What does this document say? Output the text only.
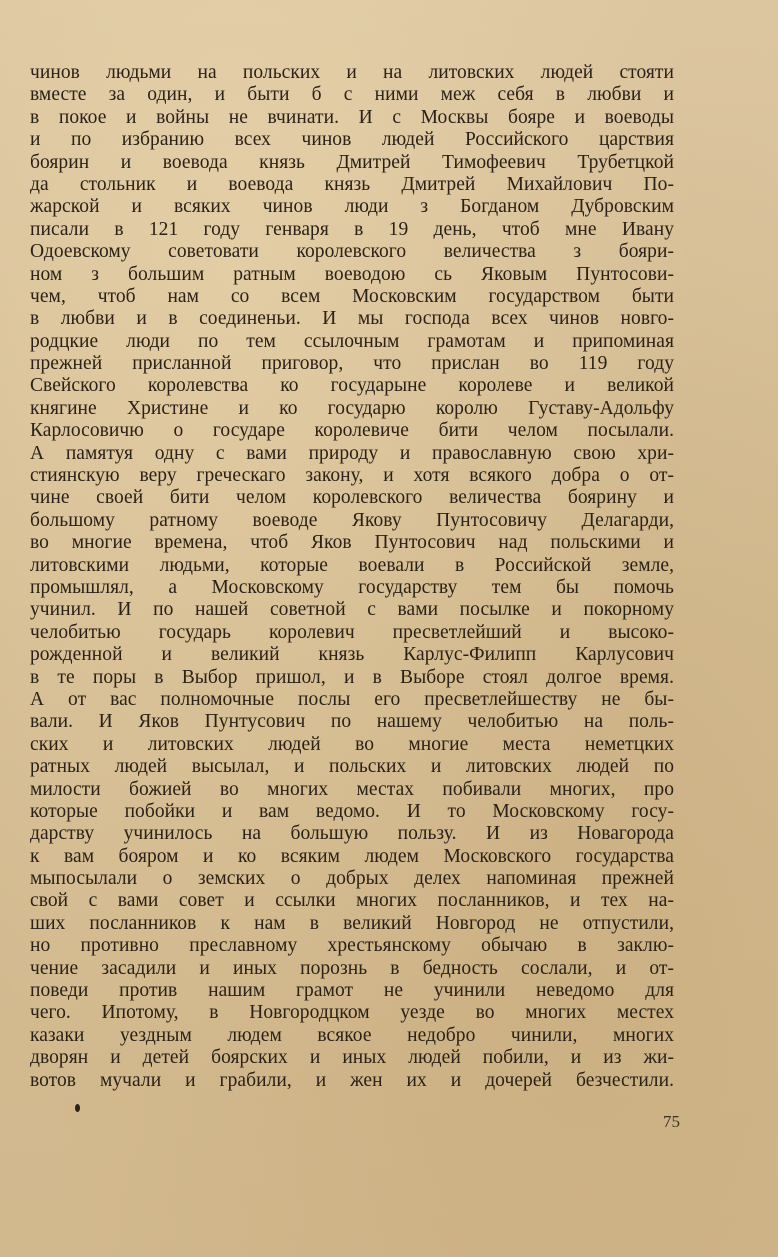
чинов людьми на польских и на литовских людей стояти
вместе за один, и быти б с ними меж себя в любви и
в покое и войны не вчинати. И с Москвы бояре и воеводы
и по избранию всех чинов людей Российского царствия
боярин и воевода князь Дмитрей Тимофеевич Трубетцкой
да стольник и воевода князь Дмитрей Михайлович По-
жарской и всяких чинов люди з Богданом Дубровским
писали в 121 году генваря в 19 день, чтоб мне Ивану
Одоевскому советовати королевского величества з бояри-
ном з большим ратным воеводою сь Яковым Пунтосови-
чем, чтоб нам со всем Московским государством быти
в любви и в соединеньи. И мы господа всех чинов новго-
родцкие люди по тем ссылочным грамотам и припоминая
прежней присланной приговор, что прислан во 119 году
Свейского королевства ко государыне королеве и великой
княгине Христине и ко государю королю Густаву-Адольфу
Карлосовичю о государе королевиче бити челом посылали.
А памятуя одну с вами природу и православную свою хри-
стиянскую веру греческаго закону, и хотя всякого добра о от-
чине своей бити челом королевского величества боярину и
большому ратному воеводе Якову Пунтосовичу Делагарди,
во многие времена, чтоб Яков Пунтосович над польскими и
литовскими людьми, которые воевали в Российской земле,
промышлял, а Московскому государству тем бы помочь
учинил. И по нашей советной с вами посылке и покорному
челобитью государь королевич пресветлейший и высоко-
рожденной и великий князь Карлус-Филипп Карлусович
в те поры в Выбор пришол, и в Выборе стоял долгое время.
А от вас полномочные послы его пресветлейшеству не бы-
вали. И Яков Пунтусович по нашему челобитью на поль-
ских и литовских людей во многие места неметцких
ратных людей высылал, и польских и литовских людей по
милости божией во многих местах побивали многих, про
которые побойки и вам ведомо. И то Московскому госу-
дарству учинилось на большую пользу. И из Новагорода
к вам бояром и ко всяким людем Московского государства
мыпосылали о земских о добрых делех напоминая прежней
свой с вами совет и ссылки многих посланников, и тех на-
ших посланников к нам в великий Новгород не отпустили,
но противно преславному хрестьянскому обычаю в заклю-
чение засадили и иных порознь в бедность сослали, и от-
поведи против нашим грамот не учинили неведомо для
чего. Ипотому, в Новгородцком уезде во многих местех
казаки уездным людем всякое недобро чинили, многих
дворян и детей боярских и иных людей побили, и из жи-
вотов мучали и грабили, и жен их и дочерей безчестили.
75
